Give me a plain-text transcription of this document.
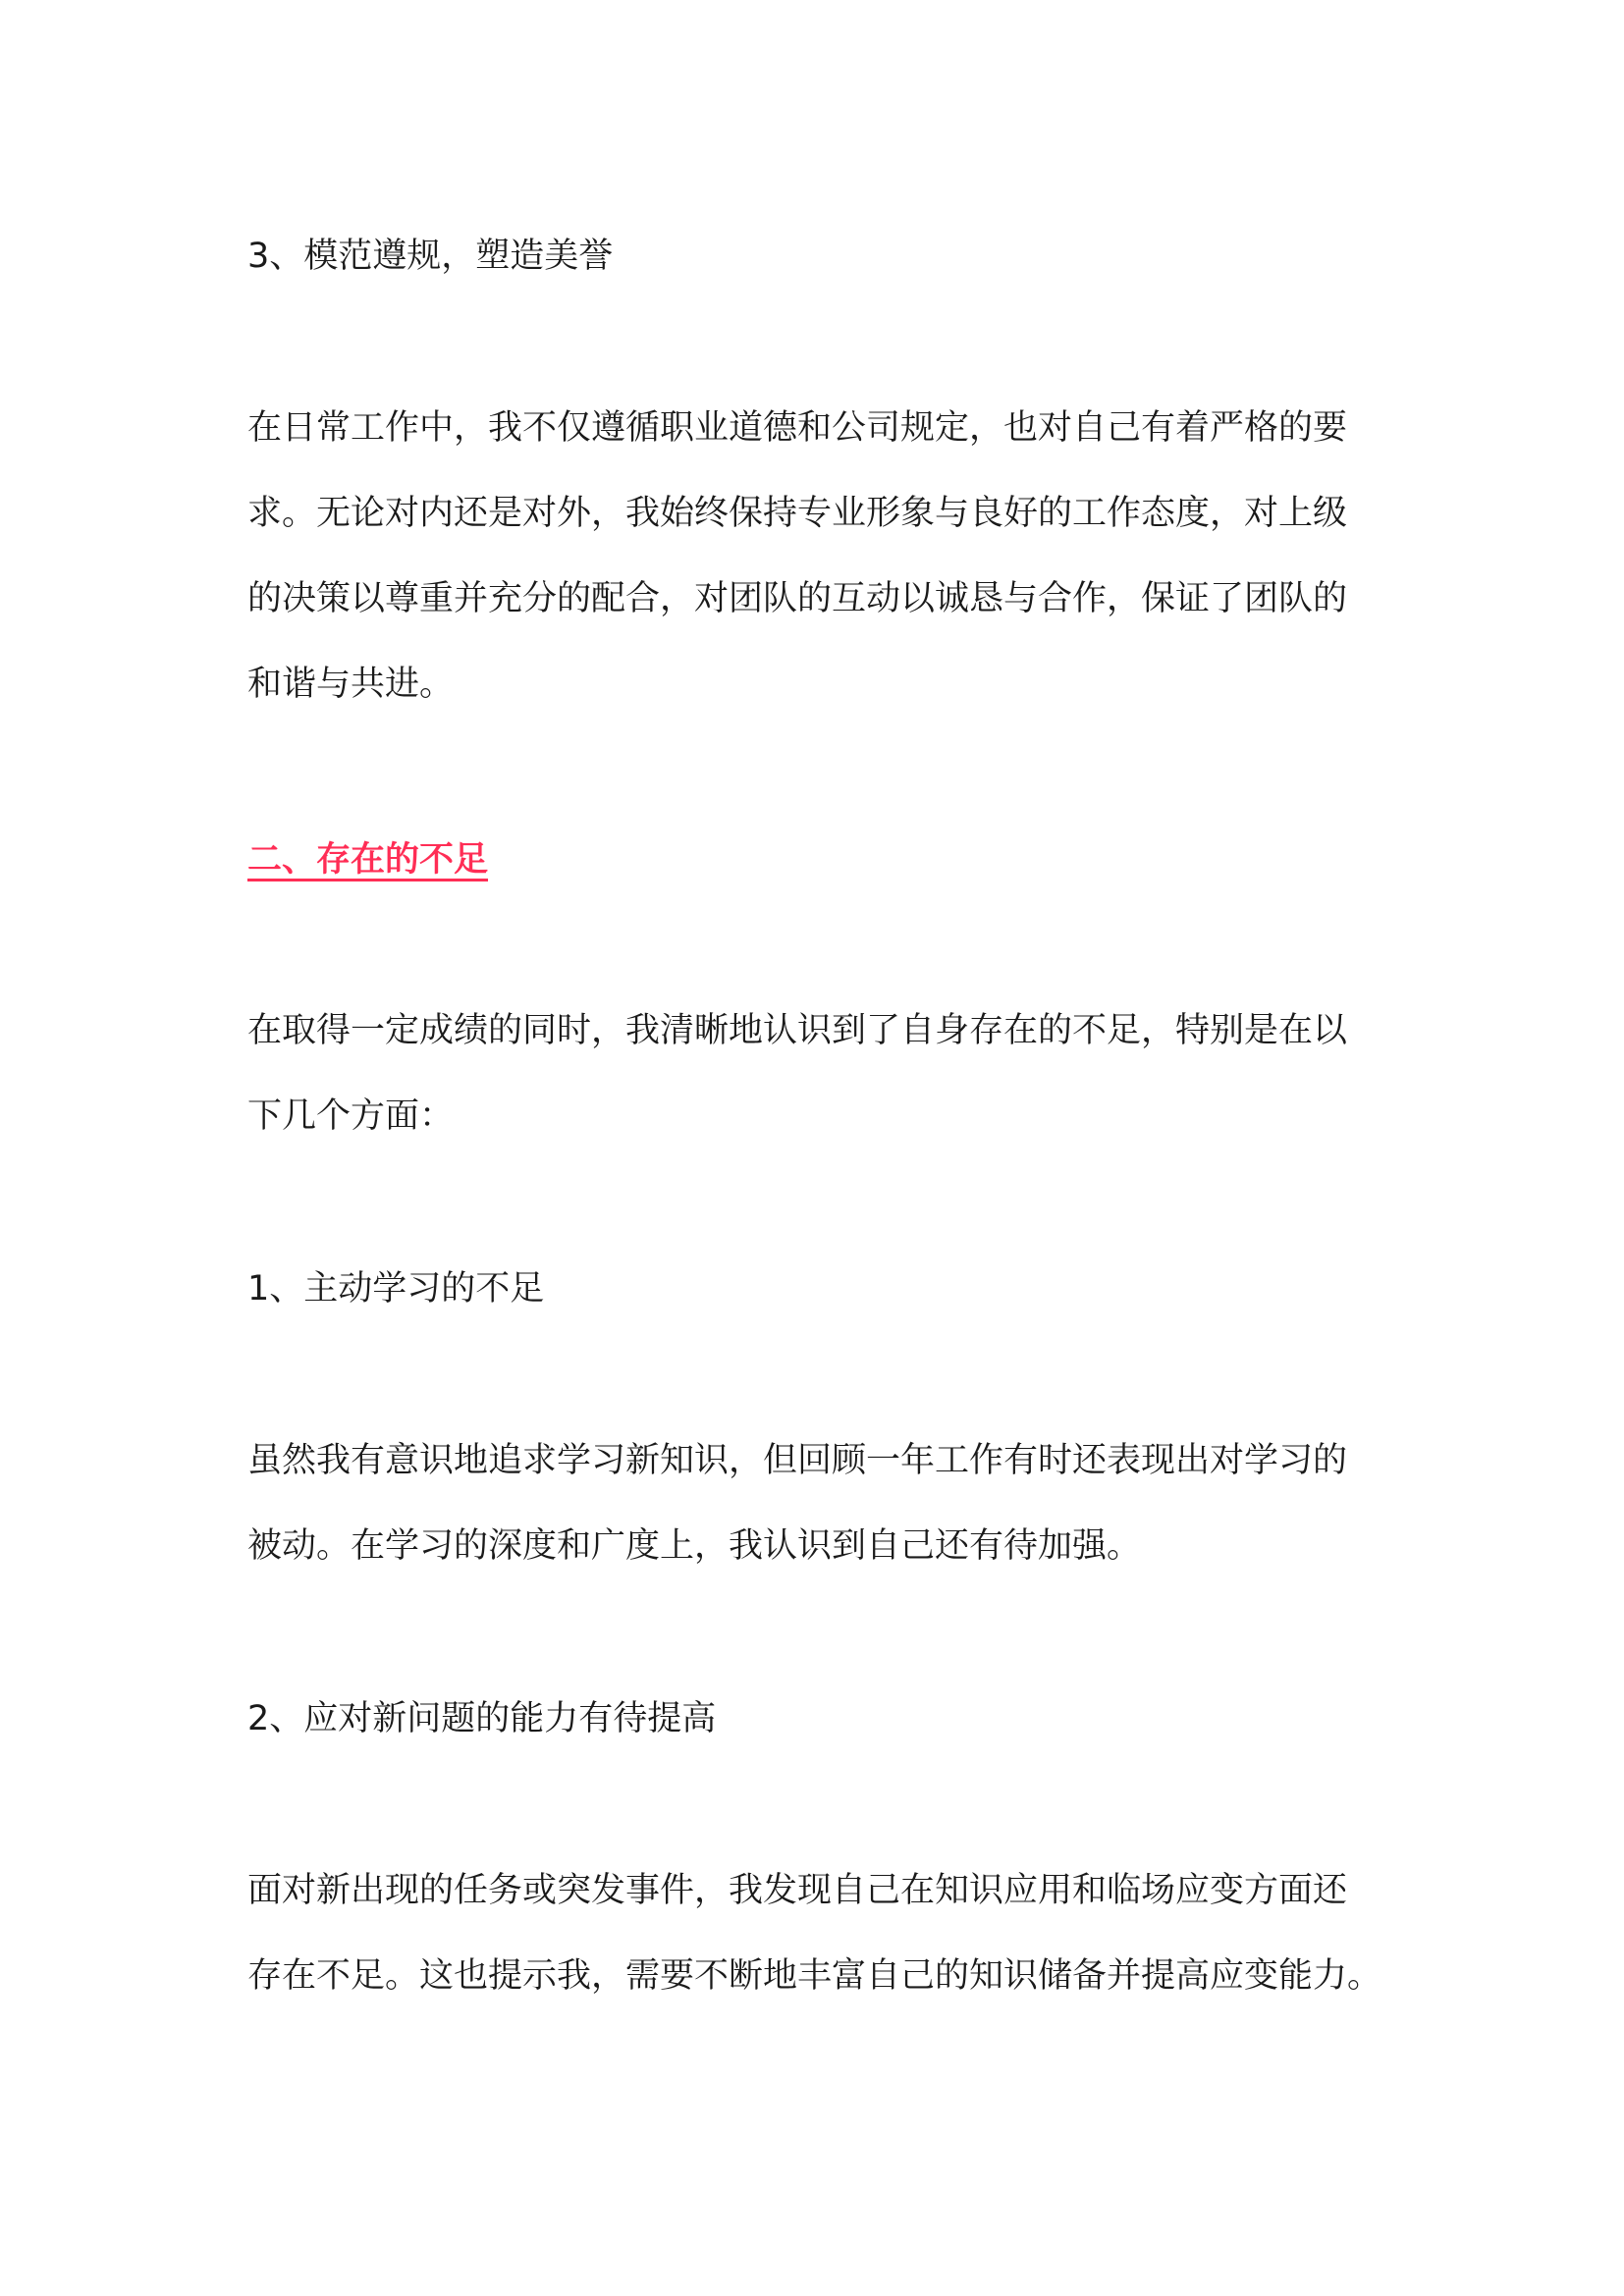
3、模范遵规，塑造美誉

在日常工作中，我不仅遵循职业道德和公司规定，也对自己有着严格的要
求。无论对内还是对外，我始终保持专业形象与良好的工作态度，对上级
的决策以尊重并充分的配合，对团队的互动以诚恳与合作，保证了团队的
和谐与共进。

二、存在的不足

在取得一定成绩的同时，我清晰地认识到了自身存在的不足，特别是在以
下几个方面：

1、主动学习的不足

虽然我有意识地追求学习新知识，但回顾一年工作有时还表现出对学习的
被动。在学习的深度和广度上，我认识到自己还有待加强。

2、应对新问题的能力有待提高

面对新出现的任务或突发事件，我发现自己在知识应用和临场应变方面还
存在不足。这也提示我，需要不断地丰富自己的知识储备并提高应变能力。
